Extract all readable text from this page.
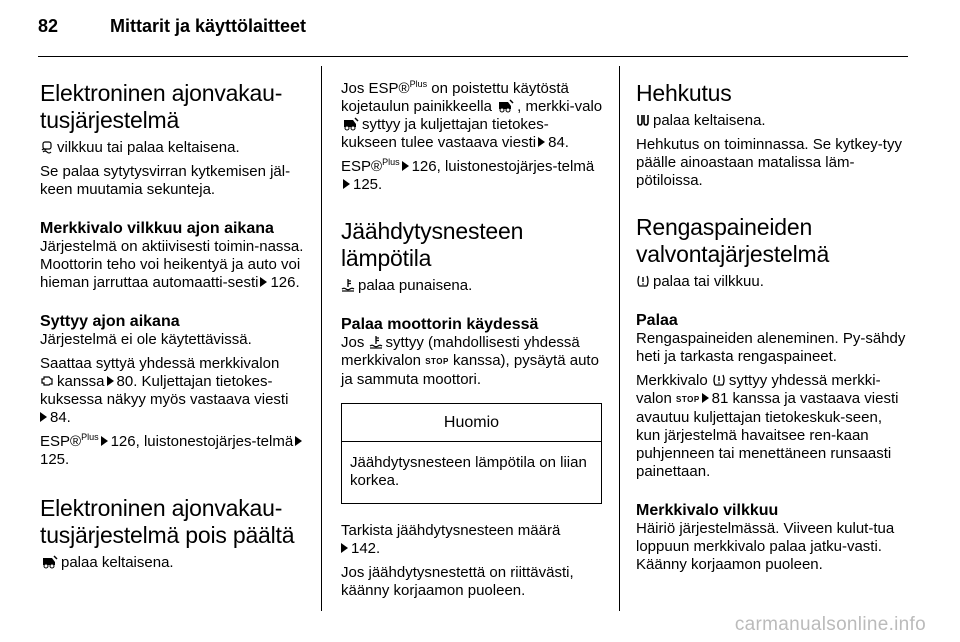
82	Mittarit ja käyttölaitteet
Elektroninen ajonvakau-
tusjärjestelmä
vilkkuu tai palaa keltaisena.
Se palaa sytytysvirran kytkemisen jäl-keen muutamia sekunteja.
Merkkivalo vilkkuu ajon aikana
Järjestelmä on aktiivisesti toimin-nassa. Moottorin teho voi heikentyä ja auto voi hieman jarruttaa automaatti-sesti 126.
Syttyy ajon aikana
Järjestelmä ei ole käytettävissä.
Saattaa syttyä yhdessä merkkivalon

kanssa 80. Kuljettajan tietokes-kuksessa näkyy myös vastaava viesti
84.
ESP®$^{Plus}$ 126, luistonestojärjes-telmä125.
Elektroninen ajonvakau-
tusjärjestelmä pois päältä
palaa keltaisena.
Jos ESP®$^{Plus}$ on poistettu käytöstä kojetaulun painikkeella , merkki-valo
syttyy ja kuljettajan tietokes-kukseen tulee vastaava viesti 84.
ESP®$^{Plus}$ 126, luistonestojärjes-telmä125.
Jäähdytysnesteen
lämpötila
palaa punaisena.
Palaa moottorin käydessä
Jos syttyy (mahdollisesti yhdessä merkkivalon STOP kanssa), pysäytä auto ja sammuta moottori.
Huomio
Jäähdytysnesteen lämpötila on liian korkea.
Tarkista jäähdytysnesteen määrä
142.
Jos jäähdytysnestettä on riittävästi, käänny korjaamon puoleen.
Hehkutus
palaa keltaisena.
Hehkutus on toiminnassa. Se kytkey-tyy päälle ainoastaan matalissa läm-pötiloissa.
Rengaspaineiden
valvontajärjestelmä
palaa tai vilkkuu.
Palaa
Rengaspaineiden aleneminen. Py-sähdy heti ja tarkasta rengaspaineet.
Merkkivalo syttyy yhdessä merkki-valon STOP 81 kanssa ja vastaava viesti avautuu kuljettajan tietokeskuk-seen, kun järjestelmä havaitsee ren-kaan puhjenneen tai menettäneen runsaasti painettaan.
Merkkivalo vilkkuu
Häiriö järjestelmässä. Viiveen kulut-tua loppuun merkkivalo palaa jatku-vasti. Käänny korjaamon puoleen.
carmanualsonline.info
